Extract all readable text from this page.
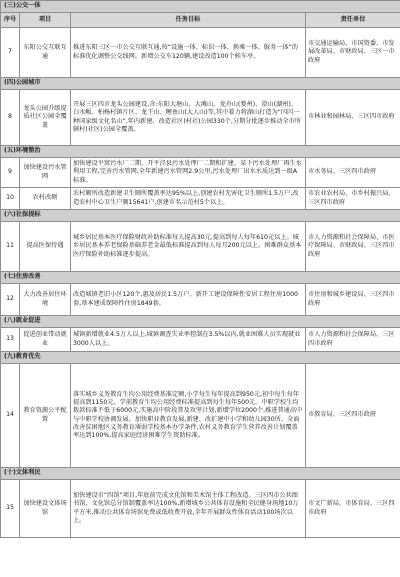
(三)公交一体			
序号	项目	任务目标	责任单位
7	东阳公交互联互通	推进东阳三区一市公交互联互通,按“设施一体、标识一体、换乘一体、服务一体”的标准优化调整公交线网。新增公交车120辆,建设改造100个候车亭。	市交通运输局、市国资委、市发展改革局、市财政局、三区一市政府
(四)公园城市			
8	龙头公园升级提质社区公园全覆盖	开展三区四市龙头公园建设,含:东阳大塘山、大滩山、龙舟山(婺州)、澄山(湖州)、白水畈、柏杨村镇片区、龙王山、鲤鱼山(大人山)等,其中着力将湖山打造为“闪闪一种国家级文化名山”,年内新建、改造社区(村社)公园330个,分期分批逐步推动全市所辖村(社区)公园全覆盖。	市林业和园林局、三区四市政府
(五)环境整治			
9	加快建设污水管网	加快建设平窝污水厂二期、开平泾县污水处理厂二期和扩建、某下污水处理厂再生水利用工程,完善污水管网,全年新建污水管网2.9公里,污水处理厂出水水质达到一级A标准。	市水务局、三区四市政府
10	农村改厕	农村厕所改造新建卫生厕所覆盖率达95%以上,创建农村无害化卫生厕所1.5万户,改造农村中心卫生户厕15641户,创建市名示范村5个以上。	市农业农村局、市乡村振兴局、三区四市政府
(六)社保提标			
11	提高医保待遇	城乡居民基本医疗保险财政补助标准每人提高30元,提高到每人每年610元以上。城乡居民基本养老保险基础养老金最低标准提高到每人每月200元以上。困难群众基本医疗保险补助标准逐步提高。	市人力资源和社会保障局、市医疗保障局、市财政局、三区四市政府
(七)住房改善			
12	大力改善居住环境	改造城镇老旧小区120个,惠及居民1.5万户。新开工建设保障性安居工程住房1000套,基本建成保障性住房1849套。	市住房和城乡建设局、三区四市政府
(八)就业促进			
13	促进创业带动就业	城镇新增就业4.5万人以上,城镇调查失业率控制在3.5%以内,就业困难人员实现就业3000人以上。	市人力资源和社会保障局、三区四市政府
(九)教育优先			
14	教育资源公平配置	落实城乡义务教育生均公用经费基准定额,小学每生每年提高到950元,初中每生每年提高到1150元。学前教育生均公用经费标准提高到每生每年500元。中职学校生均拨款标准不低于6000元,实施高中阶段普及攻坚计划,新增学位2000个,推进普通高中与中职学校协调发展。加快职业教育发展,新建、改扩建中小学和幼儿园30所。全面改善贫困地区义务教育薄弱学校基本办学条件,农村义务教育学生营养改善计划覆盖率达到100%,提高家庭经济困难学生资助标准。	市教育局、三区四市政府
(十)文体利民			
15	加快建设文体场馆	加快建设市“四馆”项目,年底前完成文化馆和美术馆主体工程改造。三区四市公共图书馆、文化馆总分馆制覆盖率达100%,新增城乡公共体育设施和全民健身场地10万平方米,推动公共体育场馆免费或低收费开放,全年开展群众性体育活动100场次以上。	市文广新局、市体育局、三区四市政府
